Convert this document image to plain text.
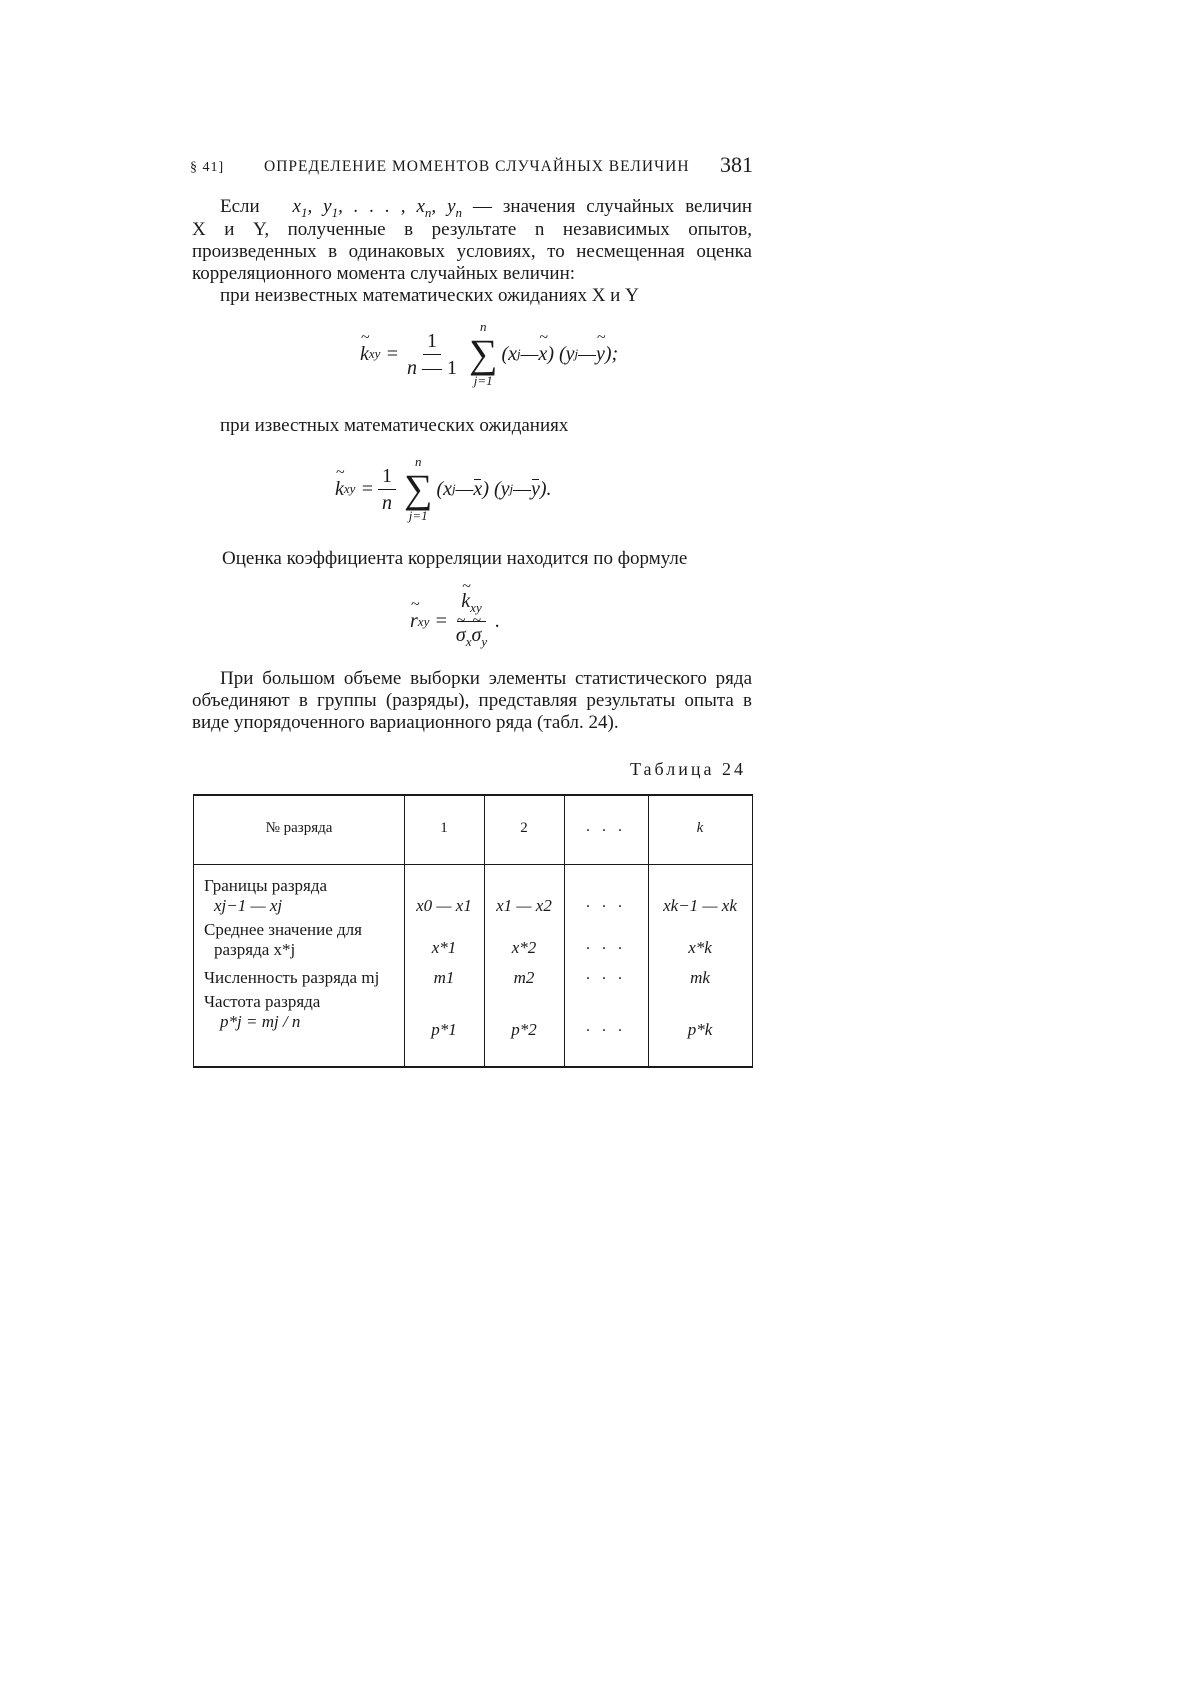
§ 41]	ОПРЕДЕЛЕНИЕ МОМЕНТОВ СЛУЧАЙНЫХ ВЕЛИЧИН 381
Если   $x_1$, $y_1$, . . . , $x_n$, $y_n$ — значения случайных величин
X и Y, полученные в результате n независимых опытов,
произведенных в одинаковых условиях, то несмещенная оценка
корреляционного момента случайных величин:
при неизвестных математических ожиданиях X и Y
~ k xy = $\frac{1}{n — 1}$
n
∑
j=1
(x j — ~ x ) (y j — ~ y );
при известных математических ожиданиях
~ k xy = $\frac{1}{n}$
n
∑
j=1
(x j — x ) (y j — y ).
Оценка коэффициента корреляции находится по формуле
~ r xy = ~ $k_{xy}$
~ $\sigma_x\sim$ $\sigma_y$ .
При большом объеме выборки элементы статистического ряда объединяют в группы (разряды), представляя результаты опыта в виде упорядоченного вариационного ряда (табл. 24).
Таблица 24
№ разряда	1	2	. . .	k
Границы разряда
xj−1 — xj	x0 — x1	x1 — x2	. . .	xk−1 — xk
Среднее значение для
разряда x*j	x*1	x*2	. . .	x*k
Численность разряда mj	m1	m2	. . .	mk
Частота разряда
p*j = mj / n	p*1	p*2	. . .	p*k
